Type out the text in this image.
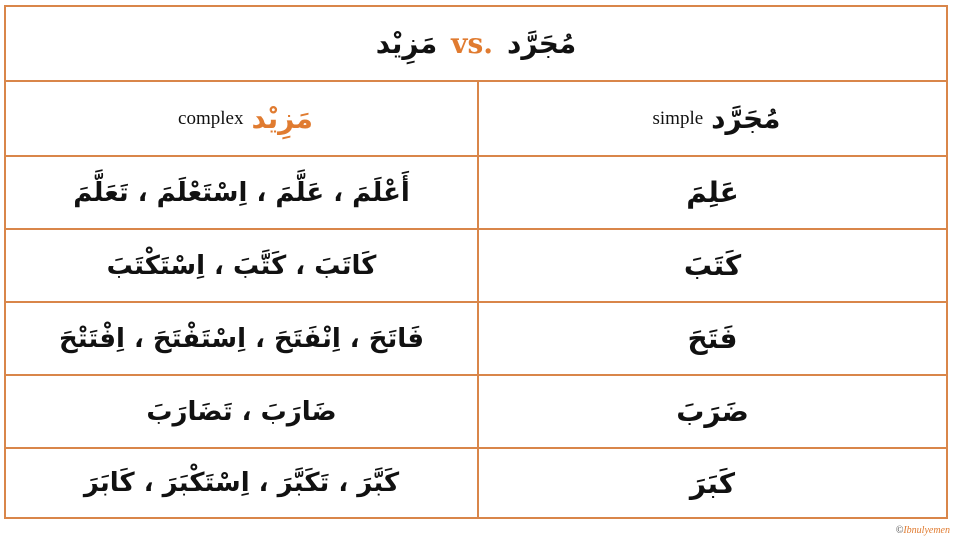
مَزِيْد vs. مُجَرَّد
complex مَزِيْد	simple مُجَرَّد
أَعْلَمَ ، عَلَّمَ ، اِسْتَعْلَمَ ، تَعَلَّمَ	عَلِمَ
كَاتَبَ ، كَتَّبَ ، اِسْتَكْتَبَ	كَتَبَ
فَاتَحَ ، اِنْفَتَحَ ، اِسْتَفْتَحَ ، اِفْتَتْحَ	فَتَحَ
ضَارَبَ ، تَضَارَبَ	ضَرَبَ
كَبَّرَ ، تَكَبَّرَ ، اِسْتَكْبَرَ ، كَابَرَ	كَبَرَ
©Ibnulyemen
